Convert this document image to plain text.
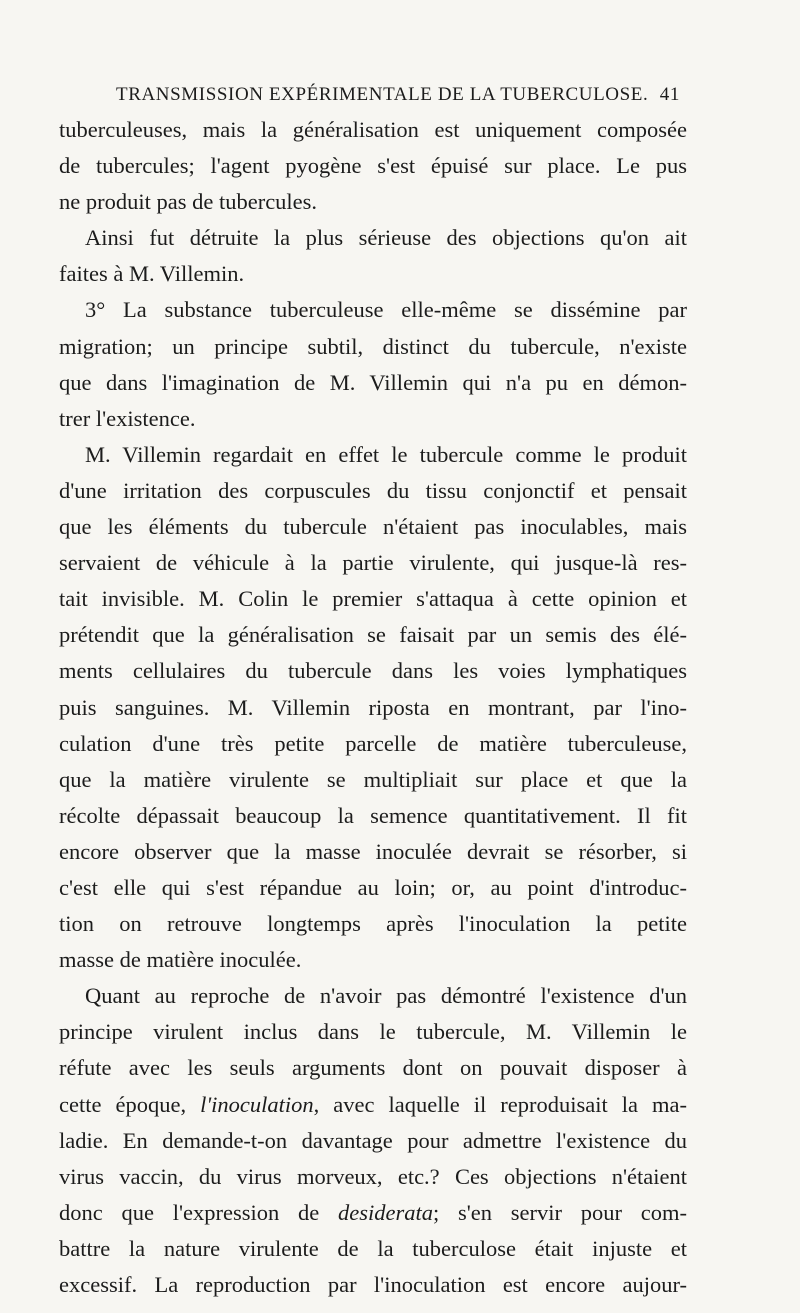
TRANSMISSION EXPÉRIMENTALE DE LA TUBERCULOSE. 41
tuberculeuses, mais la généralisation est uniquement composée
de tubercules; l'agent pyogène s'est épuisé sur place. Le pus
ne produit pas de tubercules.
Ainsi fut détruite la plus sérieuse des objections qu'on ait
faites à M. Villemin.
3° La substance tuberculeuse elle-même se dissémine par
migration; un principe subtil, distinct du tubercule, n'existe
que dans l'imagination de M. Villemin qui n'a pu en démon-
trer l'existence.
M. Villemin regardait en effet le tubercule comme le produit
d'une irritation des corpuscules du tissu conjonctif et pensait
que les éléments du tubercule n'étaient pas inoculables, mais
servaient de véhicule à la partie virulente, qui jusque-là res-
tait invisible. M. Colin le premier s'attaqua à cette opinion et
prétendit que la généralisation se faisait par un semis des élé-
ments cellulaires du tubercule dans les voies lymphatiques
puis sanguines. M. Villemin riposta en montrant, par l'ino-
culation d'une très petite parcelle de matière tuberculeuse,
que la matière virulente se multipliait sur place et que la
récolte dépassait beaucoup la semence quantitativement. Il fit
encore observer que la masse inoculée devrait se résorber, si
c'est elle qui s'est répandue au loin; or, au point d'introduc-
tion on retrouve longtemps après l'inoculation la petite
masse de matière inoculée.
Quant au reproche de n'avoir pas démontré l'existence d'un
principe virulent inclus dans le tubercule, M. Villemin le
réfute avec les seuls arguments dont on pouvait disposer à
cette époque, l'inoculation, avec laquelle il reproduisait la ma-
ladie. En demande-t-on davantage pour admettre l'existence du
virus vaccin, du virus morveux, etc.? Ces objections n'étaient
donc que l'expression de desiderata; s'en servir pour com-
battre la nature virulente de la tuberculose était injuste et
excessif. La reproduction par l'inoculation est encore aujour-
